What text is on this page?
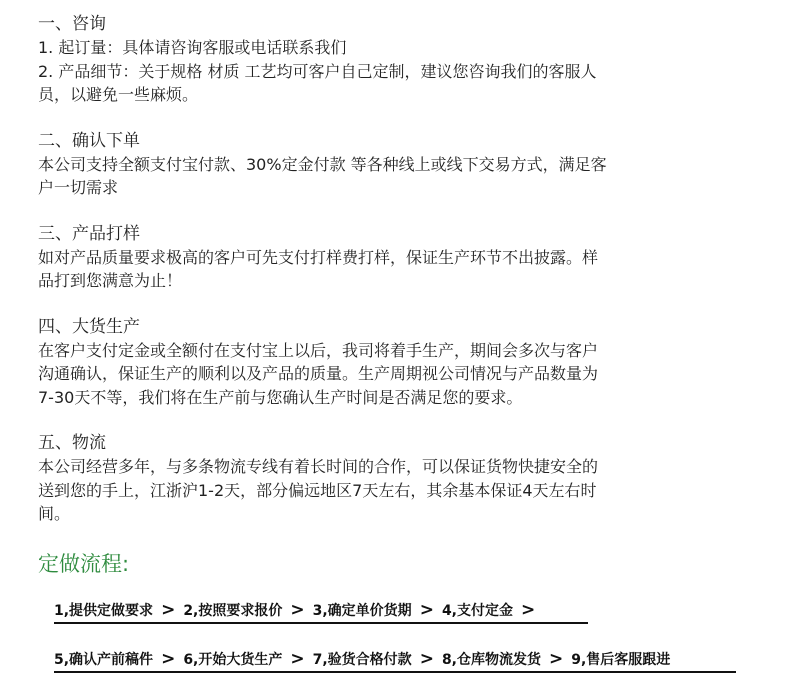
一、咨询

1. 起订量：具体请咨询客服或电话联系我们

2. 产品细节：关于规格 材质 工艺均可客户自己定制，建议您咨询我们的客服人

员，以避免一些麻烦。

二、确认下单

本公司支持全额支付宝付款、30%定金付款 等各种线上或线下交易方式，满足客

户一切需求

三、产品打样

如对产品质量要求极高的客户可先支付打样费打样，保证生产环节不出披露。样

品打到您满意为止！

四、大货生产

在客户支付定金或全额付在支付宝上以后，我司将着手生产，期间会多次与客户

沟通确认，保证生产的顺利以及产品的质量。生产周期视公司情况与产品数量为

7-30天不等，我们将在生产前与您确认生产时间是否满足您的要求。

五、物流

本公司经营多年，与多条物流专线有着长时间的合作，可以保证货物快捷安全的

送到您的手上，江浙沪1-2天，部分偏远地区7天左右，其余基本保证4天左右时

间。

定做流程:

1,提供定做要求 > 2,按照要求报价 > 3,确定单价货期 > 4,支付定金 >
5,确认产前稿件 > 6,开始大货生产 > 7,验货合格付款 > 8,仓库物流发货 > 9,售后客服跟进
